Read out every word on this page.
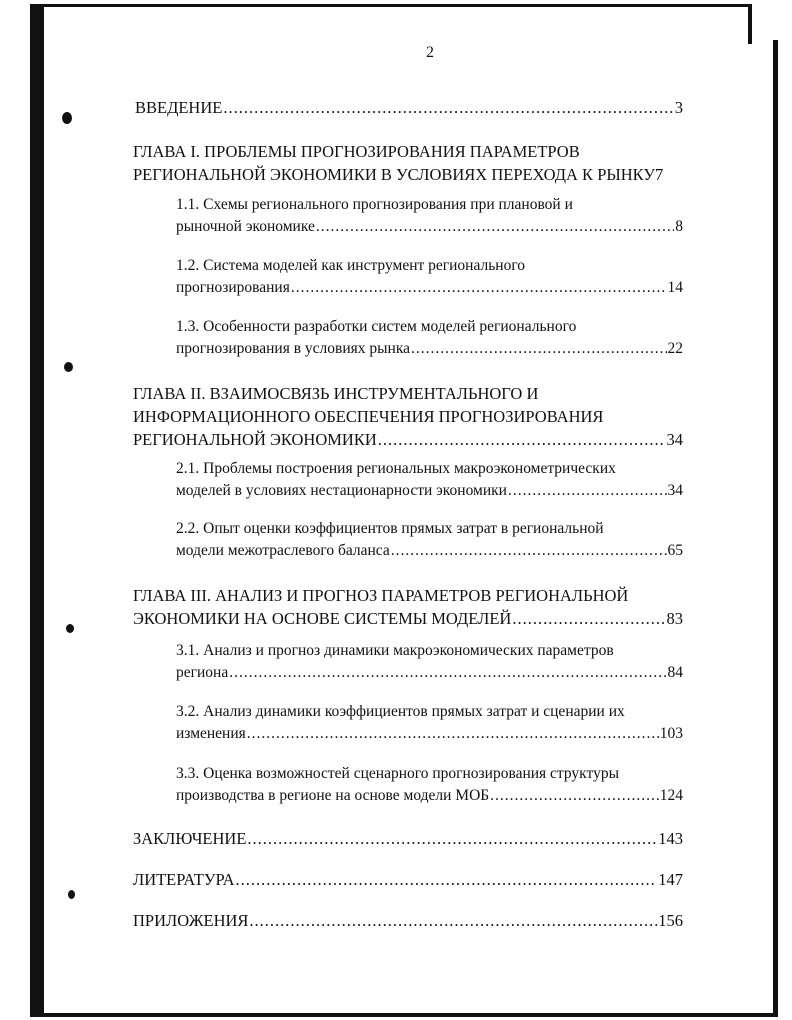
2
ВВЕДЕНИЕ .....	3
ГЛАВА I. ПРОБЛЕМЫ ПРОГНОЗИРОВАНИЯ ПАРАМЕТРОВ
РЕГИОНАЛЬНОЙ ЭКОНОМИКИ В УСЛОВИЯХ ПЕРЕХОДА К РЫНКУ 7
1.1. Схемы регионального прогнозирования при плановой и
рыночной экономике .....	8
1.2. Система моделей как инструмент регионального
прогнозирования .....	14
1.3. Особенности разработки систем моделей регионального
прогнозирования в условиях рынка .....	22
ГЛАВА II. ВЗАИМОСВЯЗЬ ИНСТРУМЕНТАЛЬНОГО И
ИНФОРМАЦИОННОГО ОБЕСПЕЧЕНИЯ ПРОГНОЗИРОВАНИЯ
РЕГИОНАЛЬНОЙ ЭКОНОМИКИ .....	34
2.1. Проблемы построения региональных макроэконометрических
моделей в условиях нестационарности экономики .....	34
2.2. Опыт оценки коэффициентов прямых затрат в региональной
модели межотраслевого баланса .....	65
ГЛАВА III. АНАЛИЗ И ПРОГНОЗ ПАРАМЕТРОВ РЕГИОНАЛЬНОЙ
ЭКОНОМИКИ НА ОСНОВЕ СИСТЕМЫ МОДЕЛЕЙ .....	83
3.1. Анализ и прогноз динамики макроэкономических параметров
региона .....	84
3.2. Анализ динамики коэффициентов прямых затрат и сценарии их
изменения .....	103
3.3. Оценка возможностей сценарного прогнозирования структуры
производства в регионе на основе модели МОБ .....	124
ЗАКЛЮЧЕНИЕ .....	143
ЛИТЕРАТУРА .....	147
ПРИЛОЖЕНИЯ .....	156
